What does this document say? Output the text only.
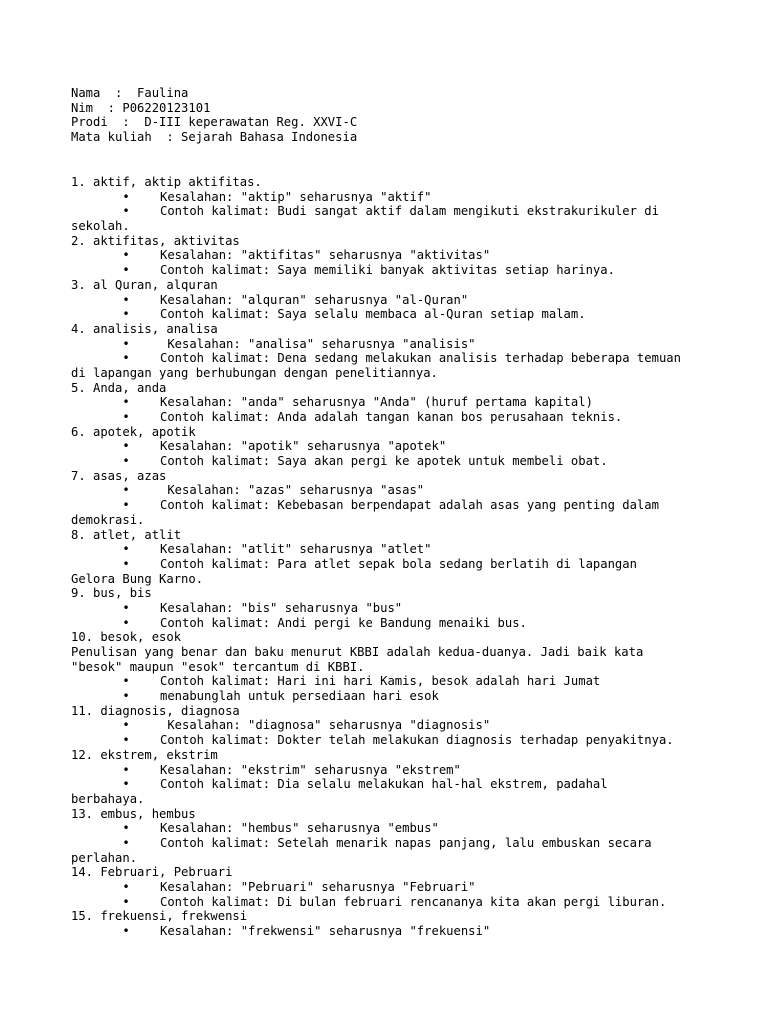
Nama  :  Faulina
Nim  : P06220123101
Prodi  :  D-III keperawatan Reg. XXVI-C
Mata kuliah  : Sejarah Bahasa Indonesia
1. aktif, aktip aktifitas.
•	Kesalahan: "aktip" seharusnya "aktif"
•	Contoh kalimat: Budi sangat aktif dalam mengikuti ekstrakurikuler di
sekolah.
2. aktifitas, aktivitas
•	Kesalahan: "aktifitas" seharusnya "aktivitas"
•	Contoh kalimat: Saya memiliki banyak aktivitas setiap harinya.
3. al Quran, alquran
•	Kesalahan: "alquran" seharusnya "al-Quran"
•	Contoh kalimat: Saya selalu membaca al-Quran setiap malam.
4. analisis, analisa
•	Kesalahan: "analisa" seharusnya "analisis"
•	Contoh kalimat: Dena sedang melakukan analisis terhadap beberapa temuan
di lapangan yang berhubungan dengan penelitiannya.
5. Anda, anda
•	Kesalahan: "anda" seharusnya "Anda" (huruf pertama kapital)
•	Contoh kalimat: Anda adalah tangan kanan bos perusahaan teknis.
6. apotek, apotik
•	Kesalahan: "apotik" seharusnya "apotek"
•	Contoh kalimat: Saya akan pergi ke apotek untuk membeli obat.
7. asas, azas
•	Kesalahan: "azas" seharusnya "asas"
•	Contoh kalimat: Kebebasan berpendapat adalah asas yang penting dalam
demokrasi.
8. atlet, atlit
•	Kesalahan: "atlit" seharusnya "atlet"
•	Contoh kalimat: Para atlet sepak bola sedang berlatih di lapangan
Gelora Bung Karno.
9. bus, bis
•	Kesalahan: "bis" seharusnya "bus"
•	Contoh kalimat: Andi pergi ke Bandung menaiki bus.
10. besok, esok
Penulisan yang benar dan baku menurut KBBI adalah kedua-duanya. Jadi baik kata
"besok" maupun "esok" tercantum di KBBI.
•	Contoh kalimat: Hari ini hari Kamis, besok adalah hari Jumat
•	menabunglah untuk persediaan hari esok
11. diagnosis, diagnosa
•	Kesalahan: "diagnosa" seharusnya "diagnosis"
•	Contoh kalimat: Dokter telah melakukan diagnosis terhadap penyakitnya.
12. ekstrem, ekstrim
•	Kesalahan: "ekstrim" seharusnya "ekstrem"
•	Contoh kalimat: Dia selalu melakukan hal-hal ekstrem, padahal
berbahaya.
13. embus, hembus
•	Kesalahan: "hembus" seharusnya "embus"
•	Contoh kalimat: Setelah menarik napas panjang, lalu embuskan secara
perlahan.
14. Februari, Pebruari
•	Kesalahan: "Pebruari" seharusnya "Februari"
•	Contoh kalimat: Di bulan februari rencananya kita akan pergi liburan.
15. frekuensi, frekwensi
•	Kesalahan: "frekwensi" seharusnya "frekuensi"
